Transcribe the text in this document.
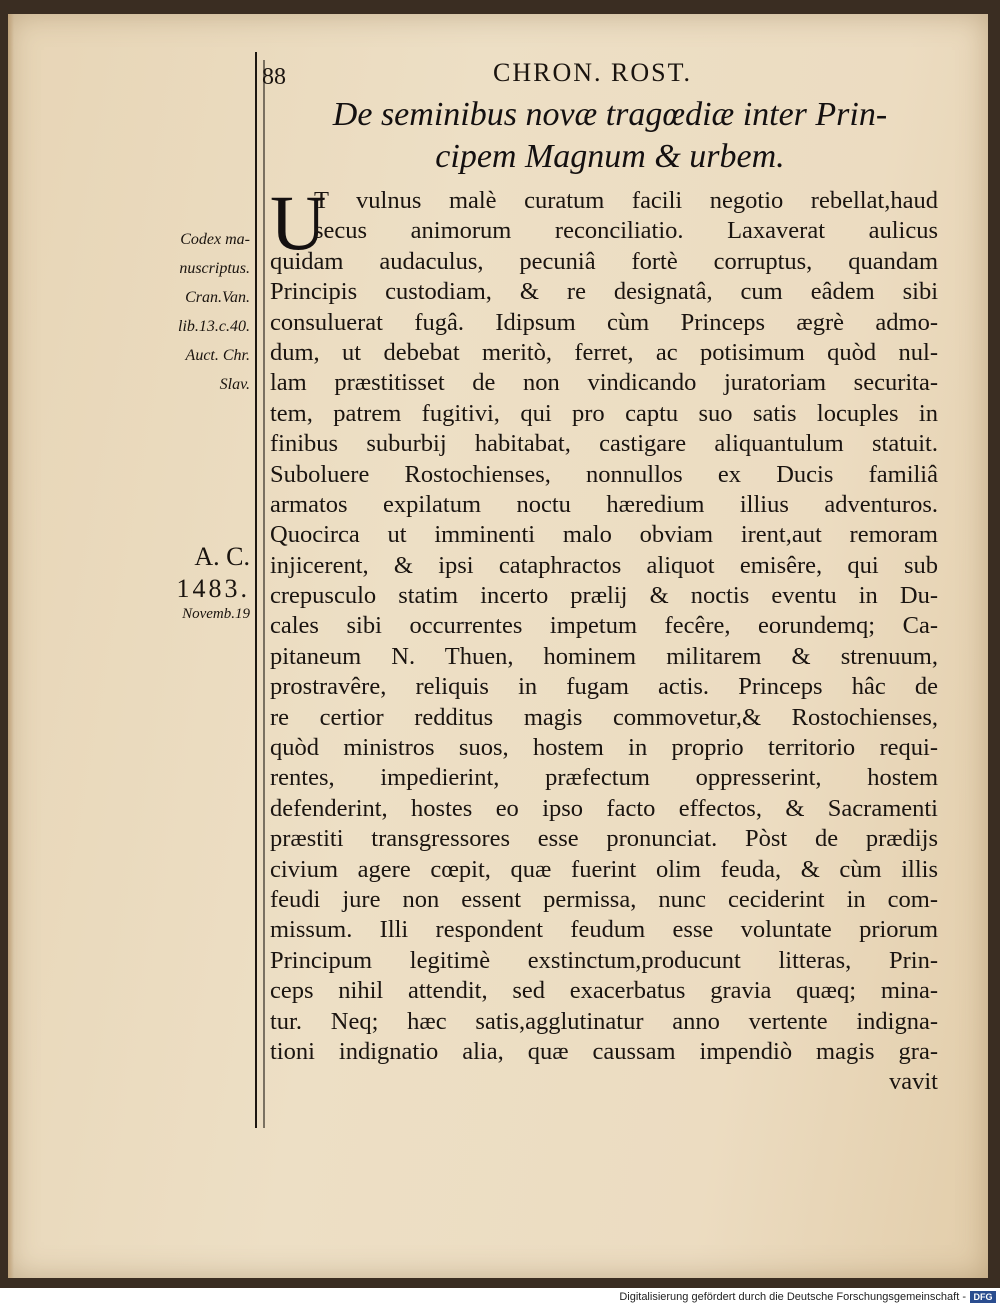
88	CHRON. ROST.
De seminibus novæ tragœdiæ inter Prin-
cipem Magnum & urbem.
U
T vulnus malè curatum facili negotio rebellat,haud
secus animorum reconciliatio. Laxaverat aulicus
quidam audaculus, pecuniâ fortè corruptus, quandam
Principis custodiam, & re designatâ, cum eâdem sibi
consuluerat fugâ. Idipsum cùm Princeps ægrè admo-
dum, ut debebat meritò, ferret, ac potisimum quòd nul-
lam præstitisset de non vindicando juratoriam securita-
tem, patrem fugitivi, qui pro captu suo satis locuples in
finibus suburbij habitabat, castigare aliquantulum statuit.
Suboluere Rostochienses, nonnullos ex Ducis familiâ
armatos expilatum noctu hæredium illius adventuros.
Quocirca ut imminenti malo obviam irent,aut remoram
injicerent, & ipsi cataphractos aliquot emisêre, qui sub
crepusculo statim incerto prælij & noctis eventu in Du-
cales sibi occurrentes impetum fecêre, eorundemq; Ca-
pitaneum N. Thuen, hominem militarem & strenuum,
prostravêre, reliquis in fugam actis. Princeps hâc de
re certior redditus magis commovetur,& Rostochienses,
quòd ministros suos, hostem in proprio territorio requi-
rentes, impedierint, præfectum oppresserint, hostem
defenderint, hostes eo ipso facto effectos, & Sacramenti
præstiti transgressores esse pronunciat. Pòst de prædijs
civium agere cœpit, quæ fuerint olim feuda, & cùm illis
feudi jure non essent permissa, nunc ceciderint in com-
missum. Illi respondent feudum esse voluntate priorum
Principum legitimè exstinctum,producunt litteras, Prin-
ceps nihil attendit, sed exacerbatus gravia quæq; mina-
tur. Neq; hæc satis,agglutinatur anno vertente indigna-
tioni indignatio alia, quæ caussam impendiò magis gra-
vavit
Codex ma-
nuscriptus.
Cran.Van.
lib.13.c.40.
Auct. Chr.
Slav.
A. C.
1483.
Novemb.19
Digitalisierung gefördert durch die Deutsche Forschungsgemeinschaft - DFG
